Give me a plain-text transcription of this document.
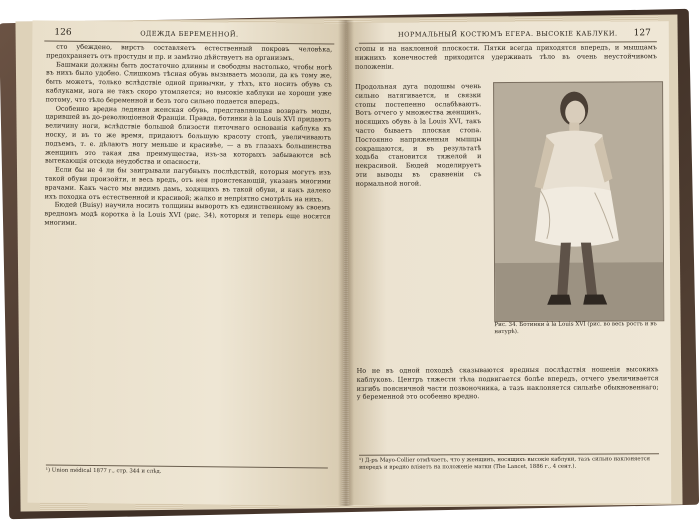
126	ОДЕЖДА БЕРЕМЕННОЙ.
сто убеждено, вирстъ составляетъ естественный покровъ человѣка, предохраняетъ отъ простуды и пр. и замѣтно дѣйствуетъ на организмъ.
Башмаки должны быть достаточно длинны и свободны настолько, чтобы ногѣ въ нихъ было удобно. Слишкомъ тѣсная обувь вызываетъ мозоли, да къ тому же, быть можетъ, только вслѣдствіе одной привычки, у тѣхъ, кто носить обувь съ каблуками, нога не такъ скоро утомляется; но высокіе каблуки не хороши уже потому, что тѣло беременной и безъ того сильно подается впередъ.
Особенно вредна ледяная женская обувь, представляющая возвратъ моды, царившей въ до-революціонной Франціи. Правда, ботинки à la Louis XVI придаютъ величину ноги, вслѣдствіе большой близости пяточнаго основанія каблука къ носку, и въ то же время, придаютъ большую красоту стопѣ, увеличиваютъ подъемъ, т. е. дѣлаютъ ногу меньше и красивѣе, — а въ глазахъ большинства женщинъ это такая два преимущества, изъ-за которыхъ забываются всѣ вытекающія отсюда неудобства и опасности.
Если бы не 4 ли бы заигрывали пагубныхъ послѣдствій, которыя могутъ изъ такой обуви произойти, и весь вредъ, отъ нея проистекающій, указанъ многими врачами. Какъ часто мы видимъ дамъ, ходящихъ въ такой обуви, и какъ далеко ихъ походка отъ естественной и красивой; жалко и непріятно смотрѣть на нихъ.
Бюдей (Buisy) научила носить толщины выворотъ къ единственному въ своемъ вредномъ модѣ коротка à la Louis XVI (рис. 34), которыя и теперь еще носятся многими.
¹) Union médical 1877 г., стр. 344 и слѣд.
НОРМАЛЬНЫЙ КОСТЮМЪ ЕГЕРА. ВЫСОКІЕ КАБЛУКИ.	127
стопы и на наклонной плоскости. Пятки всегда приходятся впередъ, и мышцамъ нижнихъ конечностей приходится удерживать тѣло въ очень неустойчивомъ положеніи.
Продольная дуга подошвы очень сильно натягивается, и связки стопы постепенно ослабѣваютъ. Вотъ отчего у множества женщинъ, носящихъ обувь à la Louis XVI, такъ часто бываетъ плоская стопа. Постоянно напряженныя мышцы сокращаются, и въ результатѣ ходьба становится тяжелой и некрасивой. Бюдей моделируетъ эти выводы въ сравненіи съ нормальной ногой.
Рис. 34. Ботинки à la Louis XVI (рис. во весь ростъ и въ натурѣ).
Но не въ одной походкѣ сказываются вредныя послѣдствія ношенія высокихъ каблуковъ. Центръ тяжести тѣла подвигается болѣе впередъ, отчего увеличивается изгибъ поясничной части позвоночника, а тазъ наклоняется сильнѣе обыкновеннаго; у беременной это особенно вредно.
¹) Д-ръ Mayo-Collier отмѣчаетъ, что у женщинъ, носящихъ высокіе каблуки, тазъ сильно наклоняется впередъ и вредно вліяетъ на положеніе матки (The Lancet, 1886 г., 4 сент.).
